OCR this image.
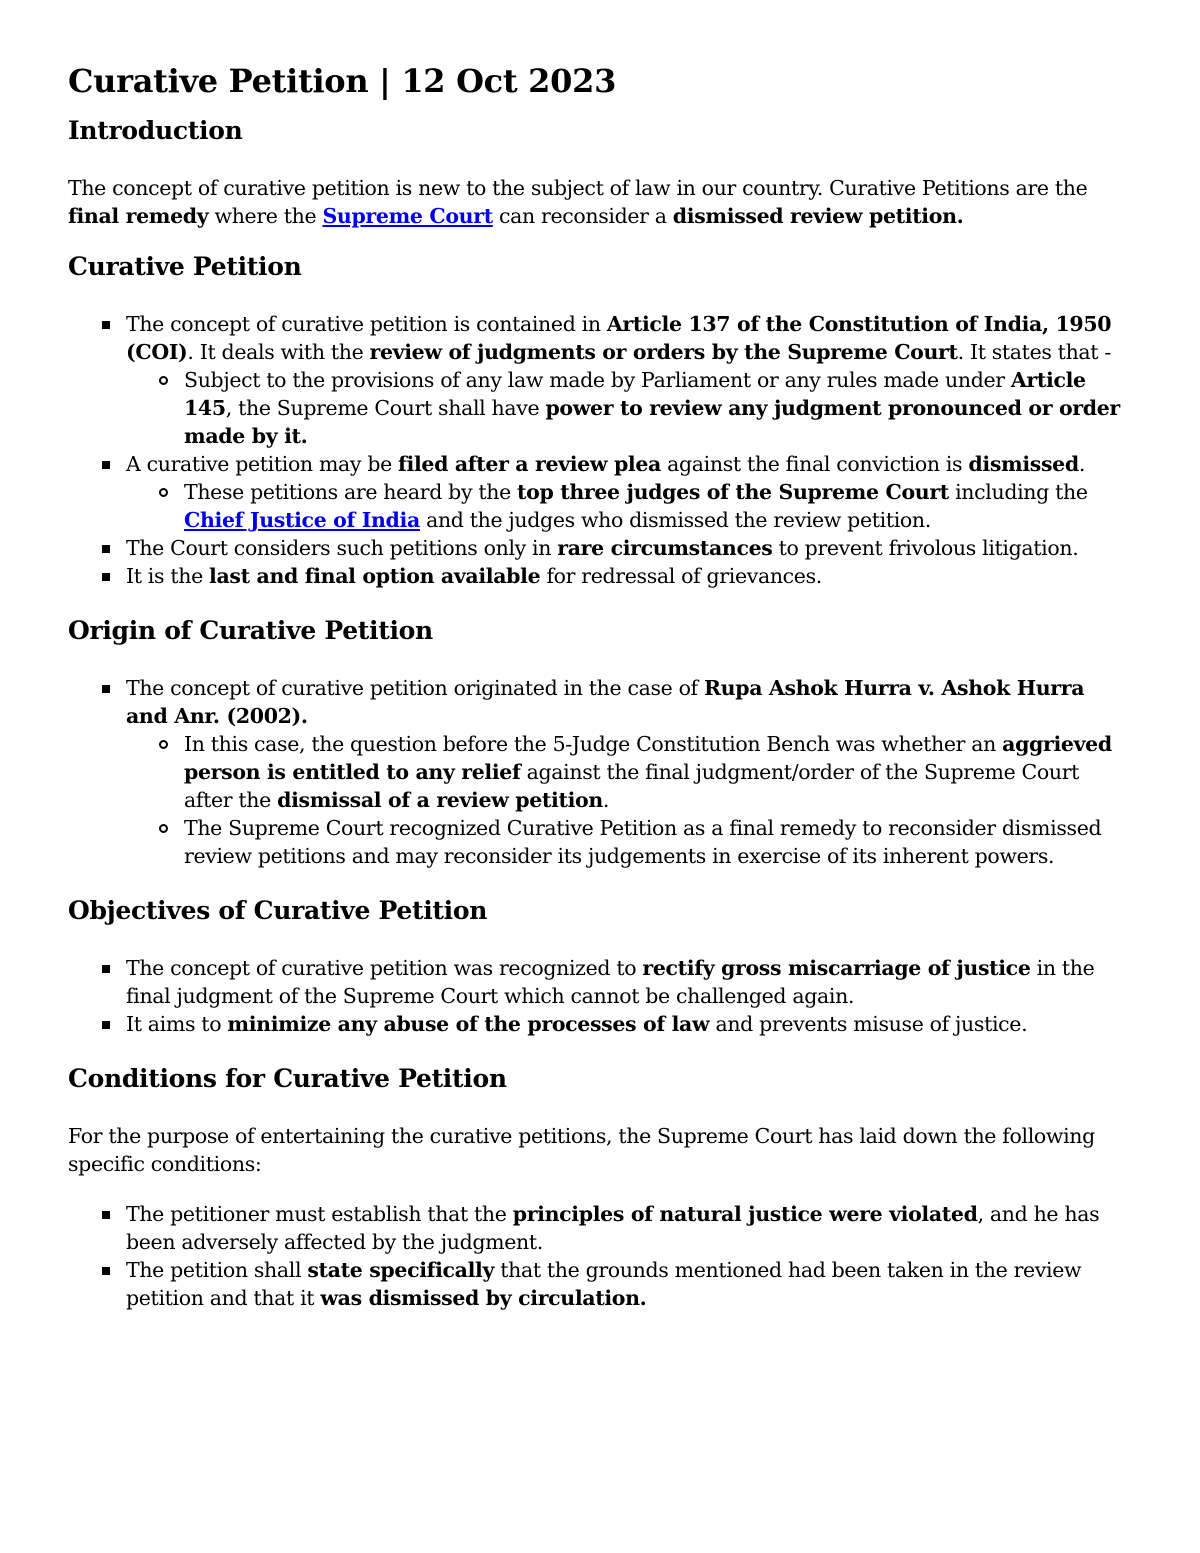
Curative Petition | 12 Oct 2023
Introduction

The concept of curative petition is new to the subject of law in our country. Curative Petitions are the final remedy where the Supreme Court can reconsider a dismissed review petition.

Curative Petition
The concept of curative petition is contained in Article 137 of the Constitution of India, 1950 (COI). It deals with the review of judgments or orders by the Supreme Court. It states that -
Subject to the provisions of any law made by Parliament or any rules made under Article 145, the Supreme Court shall have power to review any judgment pronounced or order made by it.
A curative petition may be filed after a review plea against the final conviction is dismissed.
These petitions are heard by the top three judges of the Supreme Court including the Chief Justice of India and the judges who dismissed the review petition.
The Court considers such petitions only in rare circumstances to prevent frivolous litigation.
It is the last and final option available for redressal of grievances.
Origin of Curative Petition
The concept of curative petition originated in the case of Rupa Ashok Hurra v. Ashok Hurra and Anr. (2002).
In this case, the question before the 5-Judge Constitution Bench was whether an aggrieved person is entitled to any relief against the final judgment/order of the Supreme Court after the dismissal of a review petition.
The Supreme Court recognized Curative Petition as a final remedy to reconsider dismissed review petitions and may reconsider its judgements in exercise of its inherent powers.
Objectives of Curative Petition
The concept of curative petition was recognized to rectify gross miscarriage of justice in the final judgment of the Supreme Court which cannot be challenged again.
It aims to minimize any abuse of the processes of law and prevents misuse of justice.
Conditions for Curative Petition

For the purpose of entertaining the curative petitions, the Supreme Court has laid down the following specific conditions:

The petitioner must establish that the principles of natural justice were violated, and he has been adversely affected by the judgment.
The petition shall state specifically that the grounds mentioned had been taken in the review petition and that it was dismissed by circulation.
